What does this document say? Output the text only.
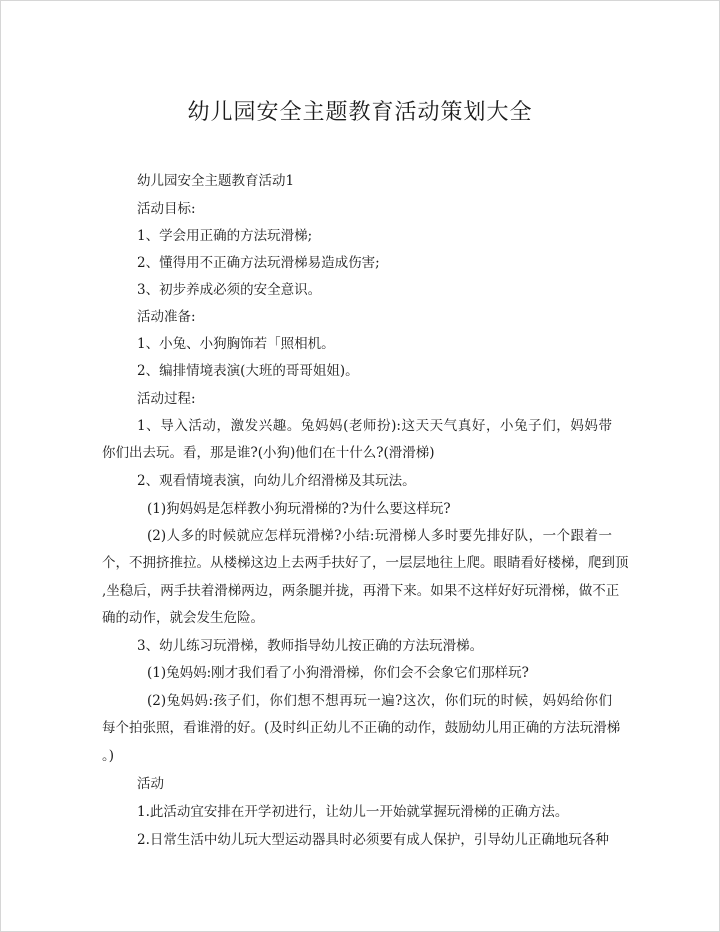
幼儿园安全主题教育活动策划大全
幼儿园安全主题教育活动1
活动目标:
1、学会用正确的方法玩滑梯;
2、懂得用不正确方法玩滑梯易造成伤害;
3、初步养成必须的安全意识。
活动准备:
1、小兔、小狗胸饰若「照相机。
2、编排情境表演(大班的哥哥姐姐)。
活动过程:
1、导入活动，激发兴趣。兔妈妈(老师扮):这天天气真好，小兔子们，妈妈带
你们出去玩。看，那是谁?(小狗)他们在十什么?(滑滑梯)
2、观看情境表演，向幼儿介绍滑梯及其玩法。
(1)狗妈妈是怎样教小狗玩滑梯的?为什么要这样玩?
(2)人多的时候就应怎样玩滑梯?小结:玩滑梯人多时要先排好队，一个跟着一
个，不拥挤推拉。从楼梯这边上去两手扶好了，一层层地往上爬。眼睛看好楼梯，爬到顶
,坐稳后，两手扶着滑梯两边，两条腿并拢，再滑下来。如果不这样好好玩滑梯，做不正
确的动作，就会发生危险。
3、幼儿练习玩滑梯，教师指导幼儿按正确的方法玩滑梯。
(1)兔妈妈:刚才我们看了小狗滑滑梯，你们会不会象它们那样玩?
(2)兔妈妈:孩子们，你们想不想再玩一遍?这次，你们玩的时候，妈妈给你们
每个拍张照，看谁滑的好。(及时纠正幼儿不正确的动作，鼓励幼儿用正确的方法玩滑梯
。)
活动
1.此活动宜安排在开学初进行，让幼儿一开始就掌握玩滑梯的正确方法。
2.日常生活中幼儿玩大型运动器具时必须要有成人保护，引导幼儿正确地玩各种
